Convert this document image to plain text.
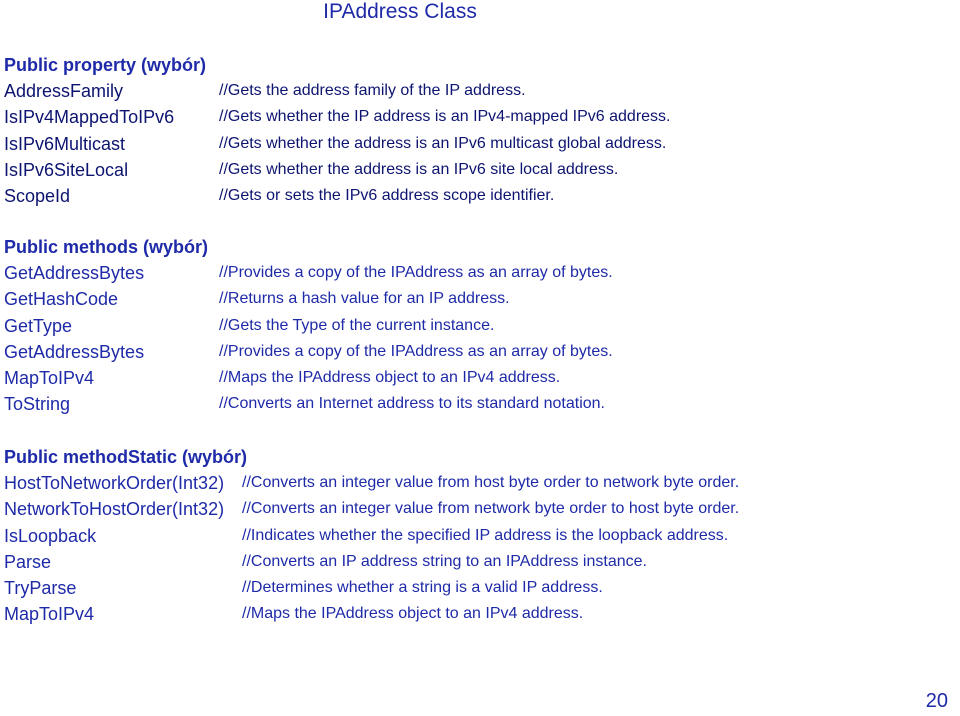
IPAddress Class
Public property (wybór)
AddressFamily	//Gets the address family of the IP address.
IsIPv4MappedToIPv6	//Gets whether the IP address is an IPv4-mapped IPv6 address.
IsIPv6Multicast	//Gets whether the address is an IPv6 multicast global address.
IsIPv6SiteLocal	//Gets whether the address is an IPv6 site local address.
ScopeId	//Gets or sets the IPv6 address scope identifier.
Public methods (wybór)
GetAddressBytes	//Provides a copy of the IPAddress as an array of bytes.
GetHashCode	//Returns a hash value for an IP address.
GetType	//Gets the Type of the current instance.
GetAddressBytes	//Provides a copy of the IPAddress as an array of bytes.
MapToIPv4	//Maps the IPAddress object to an IPv4 address.
ToString	//Converts an Internet address to its standard notation.
Public methodStatic (wybór)
HostToNetworkOrder(Int32) //Converts an integer value from host byte order to network byte order.
NetworkToHostOrder(Int32) //Converts an integer value from network byte order to host byte order.
IsLoopback	//Indicates whether the specified IP address is the loopback address.
Parse	//Converts an IP address string to an IPAddress instance.
TryParse	//Determines whether a string is a valid IP address.
MapToIPv4	//Maps the IPAddress object to an IPv4 address.
20
